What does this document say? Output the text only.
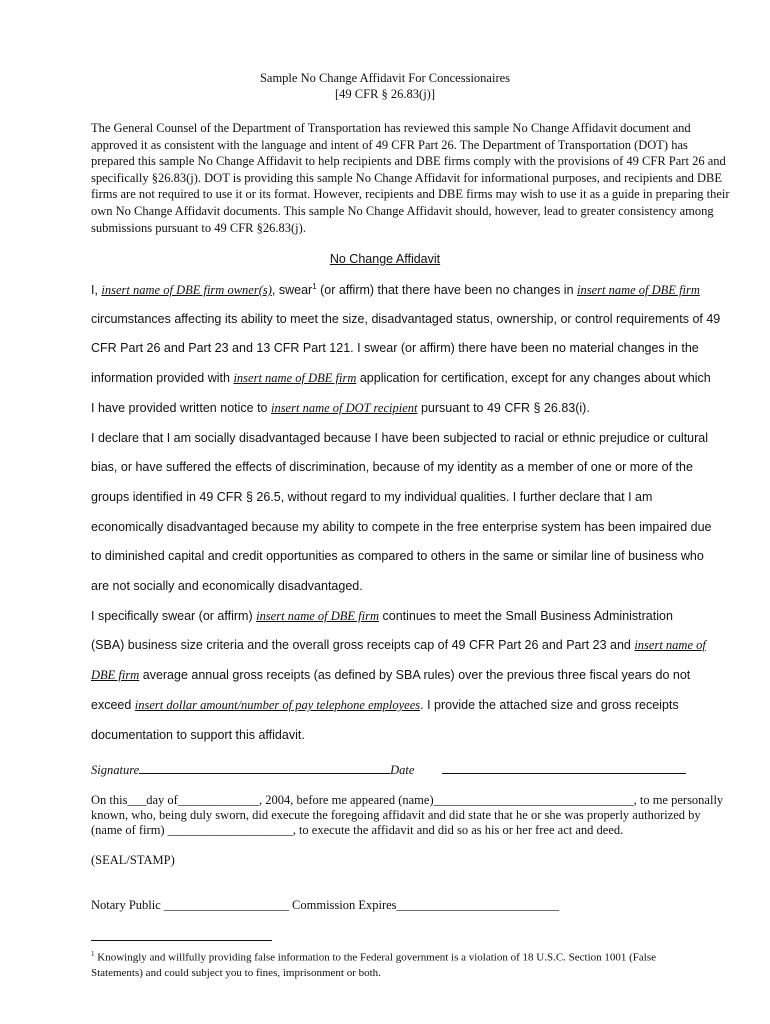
Sample No Change Affidavit For Concessionaires
[49 CFR § 26.83(j)]
The General Counsel of the Department of Transportation has reviewed this sample No Change Affidavit document and approved it as consistent with the language and intent of 49 CFR Part 26. The Department of Transportation (DOT) has prepared this sample No Change Affidavit to help recipients and DBE firms comply with the provisions of 49 CFR Part 26 and specifically §26.83(j). DOT is providing this sample No Change Affidavit for informational purposes, and recipients and DBE firms are not required to use it or its format. However, recipients and DBE firms may wish to use it as a guide in preparing their own No Change Affidavit documents. This sample No Change Affidavit should, however, lead to greater consistency among submissions pursuant to 49 CFR §26.83(j).
No Change Affidavit
I, insert name of DBE firm owner(s), swear$^1$ (or affirm) that there have been no changes in insert name of DBE firm
circumstances affecting its ability to meet the size, disadvantaged status, ownership, or control requirements of 49
CFR Part 26 and Part 23 and 13 CFR Part 121. I swear (or affirm) there have been no material changes in the
information provided with insert name of DBE firm application for certification, except for any changes about which
I have provided written notice to insert name of DOT recipient pursuant to 49 CFR § 26.83(i).
I declare that I am socially disadvantaged because I have been subjected to racial or ethnic prejudice or cultural
bias, or have suffered the effects of discrimination, because of my identity as a member of one or more of the
groups identified in 49 CFR § 26.5, without regard to my individual qualities. I further declare that I am
economically disadvantaged because my ability to compete in the free enterprise system has been impaired due
to diminished capital and credit opportunities as compared to others in the same or similar line of business who
are not socially and economically disadvantaged.
I specifically swear (or affirm) insert name of DBE firm continues to meet the Small Business Administration
(SBA) business size criteria and the overall gross receipts cap of 49 CFR Part 26 and Part 23 and insert name of
DBE firm average annual gross receipts (as defined by SBA rules) over the previous three fiscal years do not
exceed insert dollar amount/number of pay telephone employees. I provide the attached size and gross receipts
documentation to support this affidavit.
Signature	Date
On this___day of_____________, 2004, before me appeared (name)________________________________, to me personally known, who, being duly sworn, did execute the foregoing affidavit and did state that he or she was properly authorized by (name of firm) ____________________, to execute the affidavit and did so as his or her free act and deed.
(SEAL/STAMP)
Notary Public ____________________ Commission Expires__________________________
$^1$ Knowingly and willfully providing false information to the Federal government is a violation of 18 U.S.C. Section 1001 (False Statements) and could subject you to fines, imprisonment or both.
